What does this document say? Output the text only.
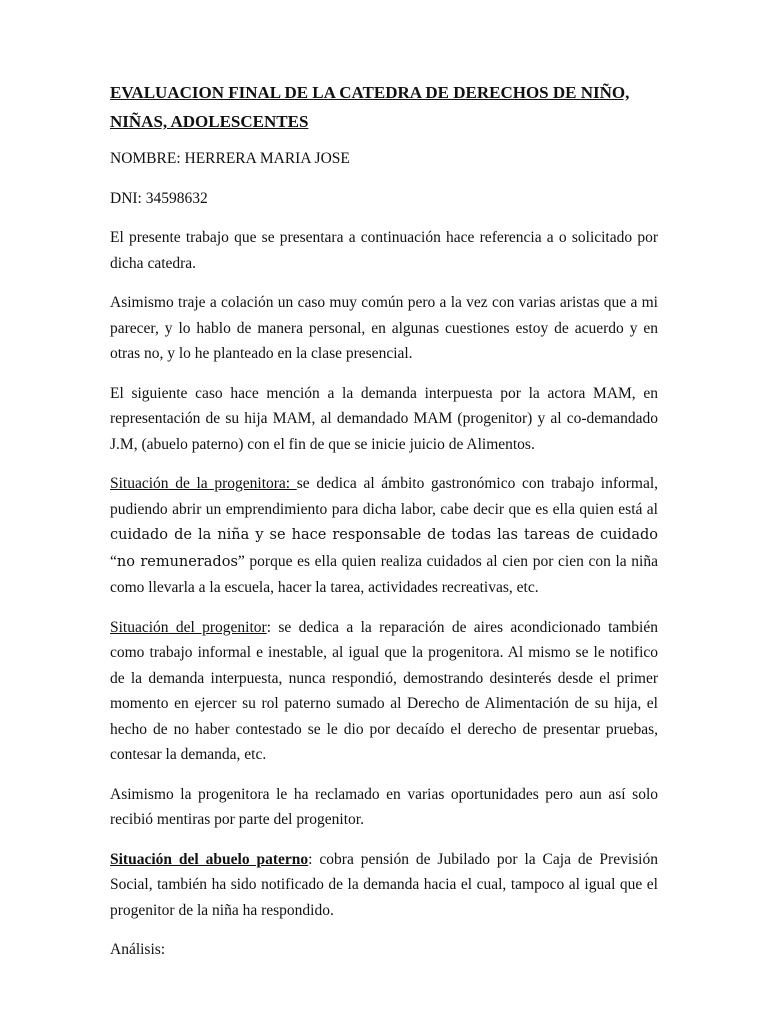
EVALUACION FINAL DE LA CATEDRA DE DERECHOS DE NIÑO, NIÑAS, ADOLESCENTES

NOMBRE: HERRERA MARIA JOSE

DNI: 34598632

El presente trabajo que se presentara a continuación hace referencia a o solicitado por dicha catedra.

Asimismo traje a colación un caso muy común pero a la vez con varias aristas que a mi parecer, y lo hablo de manera personal, en algunas cuestiones estoy de acuerdo y en otras no, y lo he planteado en la clase presencial.

El siguiente caso hace mención a la demanda interpuesta por la actora MAM, en representación de su hija MAM, al demandado MAM (progenitor) y al co-demandado J.M, (abuelo paterno) con el fin de que se inicie juicio de Alimentos.

Situación de la progenitora: se dedica al ámbito gastronómico con trabajo informal, pudiendo abrir un emprendimiento para dicha labor, cabe decir que es ella quien está al cuidado de la niña y se hace responsable de todas las tareas de cuidado “no remunerados” porque es ella quien realiza cuidados al cien por cien con la niña como llevarla a la escuela, hacer la tarea, actividades recreativas, etc.

Situación del progenitor: se dedica a la reparación de aires acondicionado también como trabajo informal e inestable, al igual que la progenitora. Al mismo se le notifico de la demanda interpuesta, nunca respondió, demostrando desinterés desde el primer momento en ejercer su rol paterno sumado al Derecho de Alimentación de su hija, el hecho de no haber contestado se le dio por decaído el derecho de presentar pruebas, contesar la demanda, etc.

Asimismo la progenitora le ha reclamado en varias oportunidades pero aun así solo recibió mentiras por parte del progenitor.

Situación del abuelo paterno: cobra pensión de Jubilado por la Caja de Previsión Social, también ha sido notificado de la demanda hacia el cual, tampoco al igual que el progenitor de la niña ha respondido.

Análisis:
